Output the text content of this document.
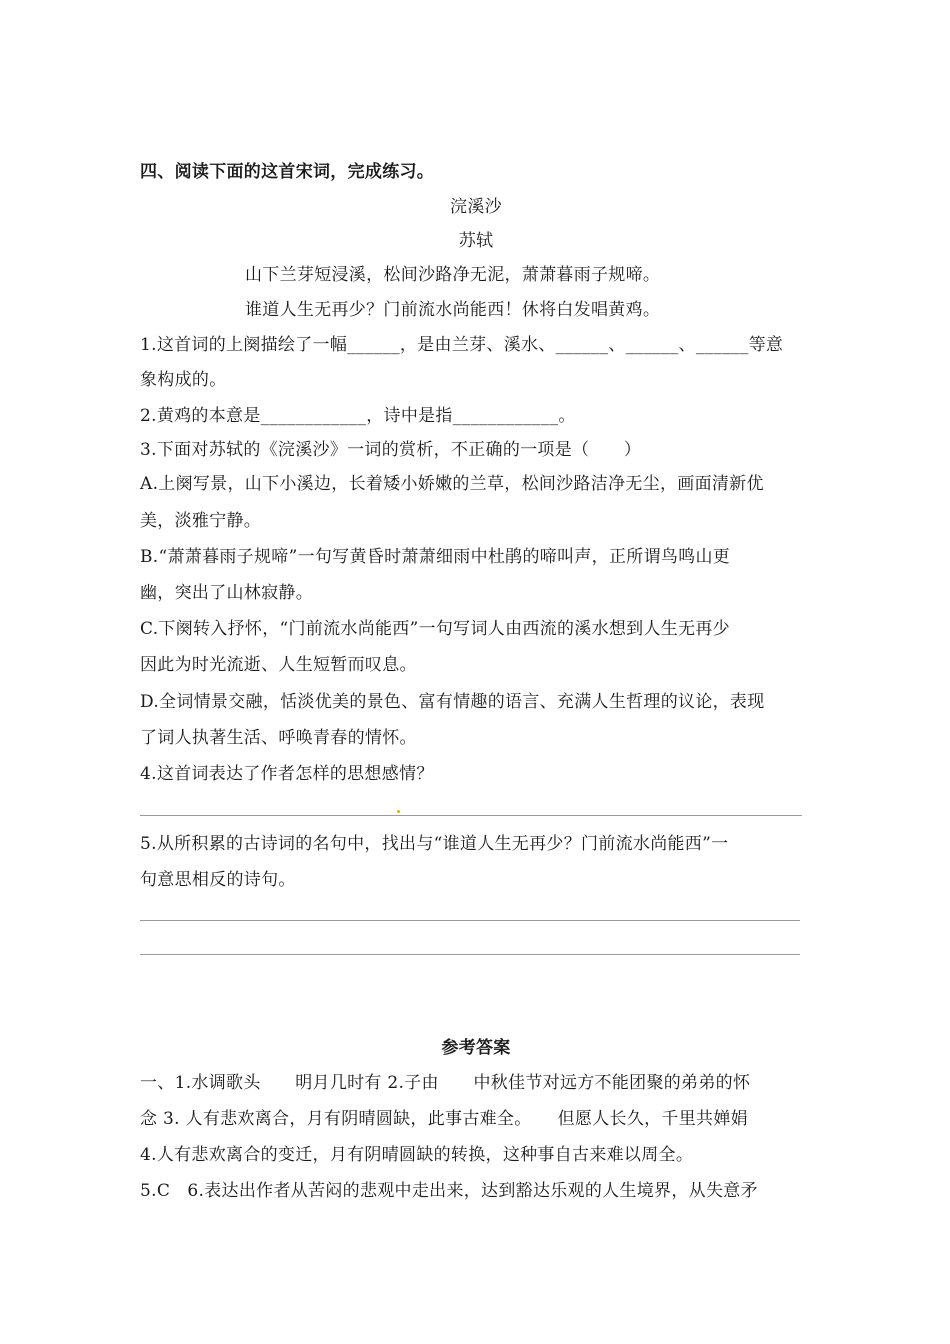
四、阅读下面的这首宋词，完成练习。
浣溪沙
苏轼
山下兰芽短浸溪，松间沙路净无泥，萧萧暮雨子规啼。
谁道人生无再少？门前流水尚能西！休将白发唱黄鸡。
1.这首词的上阕描绘了一幅______，是由兰芽、溪水、______、______、______等意
象构成的。
2.黄鸡的本意是____________，诗中是指____________。
3.下面对苏轼的《浣溪沙》一词的赏析，不正确的一项是（　　）
A.上阕写景，山下小溪边，长着矮小娇嫩的兰草，松间沙路洁净无尘，画面清新优
美，淡雅宁静。
B.“萧萧暮雨子规啼”一句写黄昏时萧萧细雨中杜鹃的啼叫声，正所谓鸟鸣山更
幽，突出了山林寂静。
C.下阕转入抒怀，“门前流水尚能西”一句写词人由西流的溪水想到人生无再少
因此为时光流逝、人生短暂而叹息。
D.全词情景交融，恬淡优美的景色、富有情趣的语言、充满人生哲理的议论，表现
了词人执著生活、呼唤青春的情怀。
4.这首词表达了作者怎样的思想感情？
5.从所积累的古诗词的名句中，找出与“谁道人生无再少？门前流水尚能西”一
句意思相反的诗句。
参考答案
一、1.水调歌头　　明月几时有 2.子由　　中秋佳节对远方不能团聚的弟弟的怀
念 3. 人有悲欢离合，月有阴晴圆缺，此事古难全。　　但愿人长久，千里共婵娟
4.人有悲欢离合的变迁，月有阴晴圆缺的转换，这种事自古来难以周全。
5.C　6.表达出作者从苦闷的悲观中走出来，达到豁达乐观的人生境界，从失意矛
